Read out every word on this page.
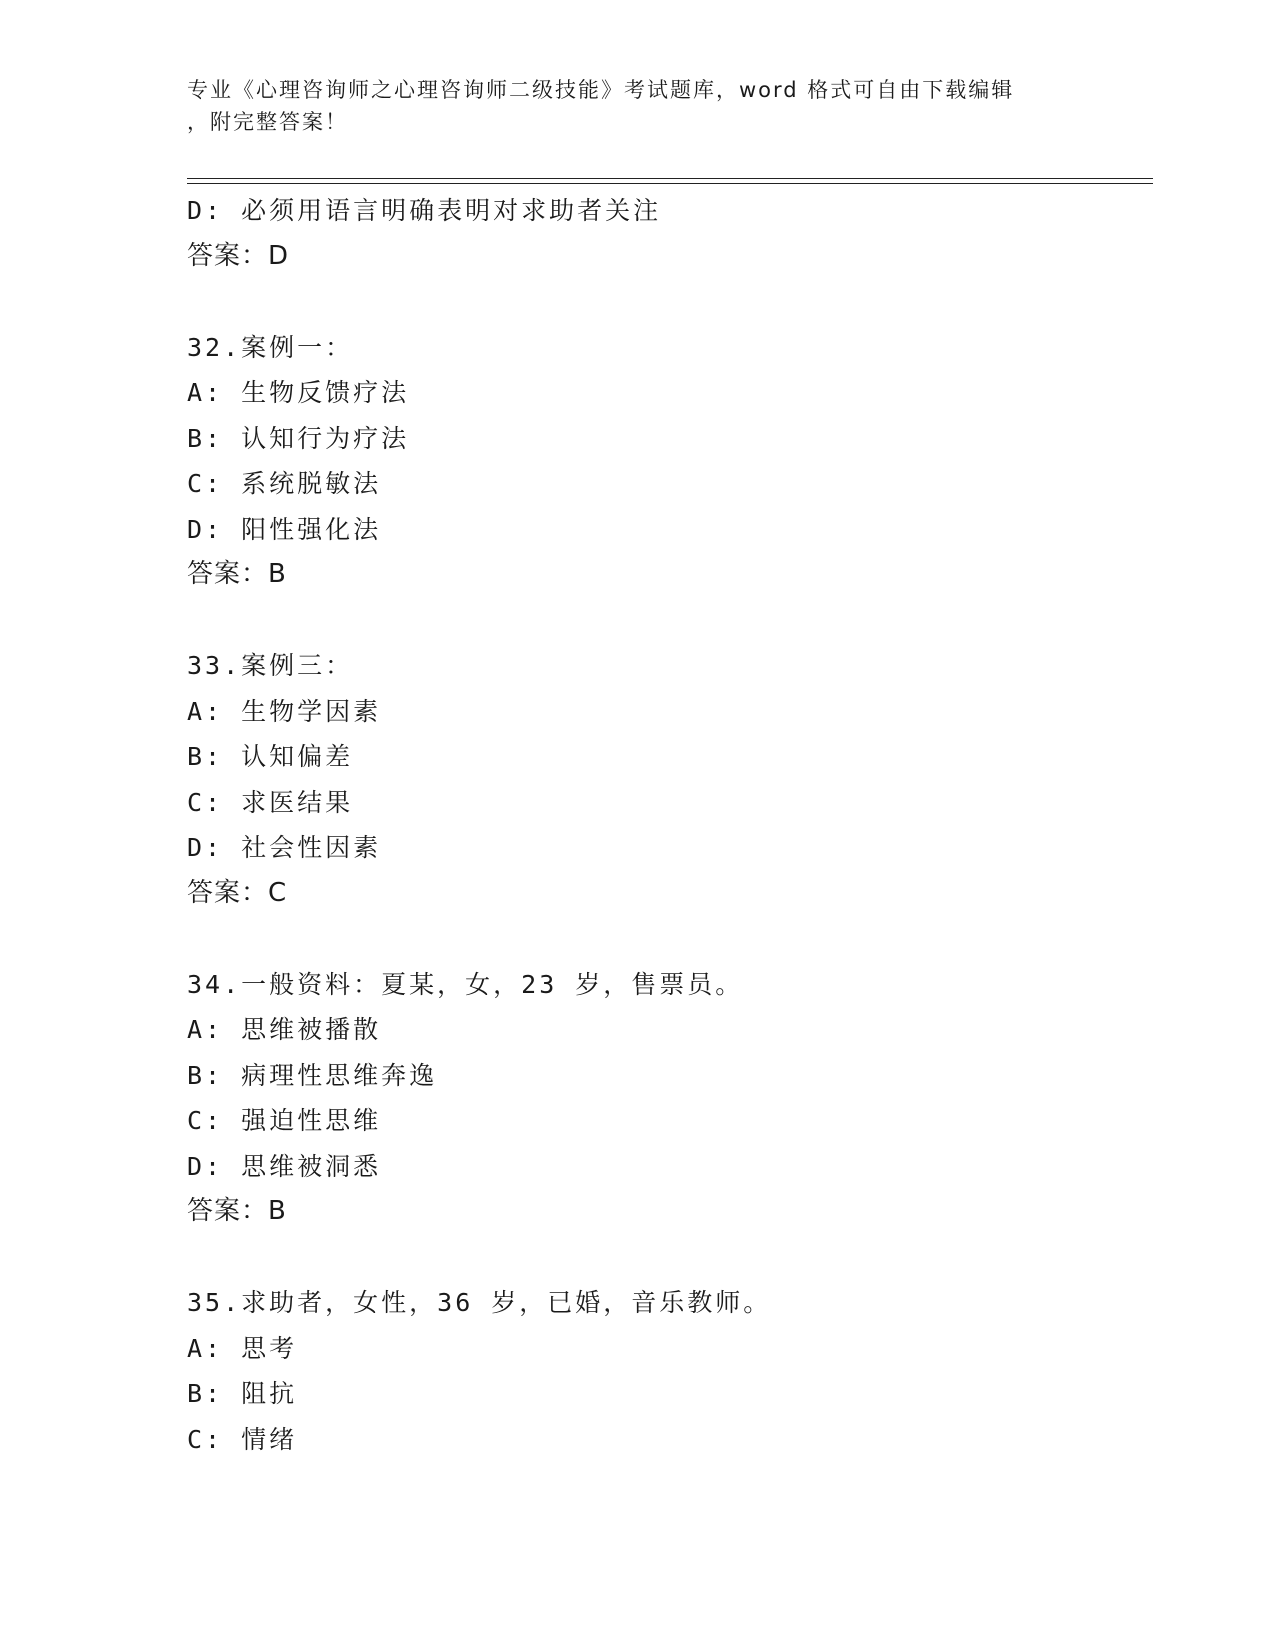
专业《心理咨询师之心理咨询师二级技能》考试题库，word 格式可自由下载编辑
，附完整答案！
D: 必须用语言明确表明对求助者关注
答案：D
32.案例一：
A: 生物反馈疗法
B: 认知行为疗法
C: 系统脱敏法
D: 阳性强化法
答案：B
33.案例三：
A: 生物学因素
B: 认知偏差
C: 求医结果
D: 社会性因素
答案：C
34.一般资料：夏某，女，23 岁，售票员。
A: 思维被播散
B: 病理性思维奔逸
C: 强迫性思维
D: 思维被洞悉
答案：B
35.求助者，女性，36 岁，已婚，音乐教师。
A: 思考
B: 阻抗
C: 情绪
